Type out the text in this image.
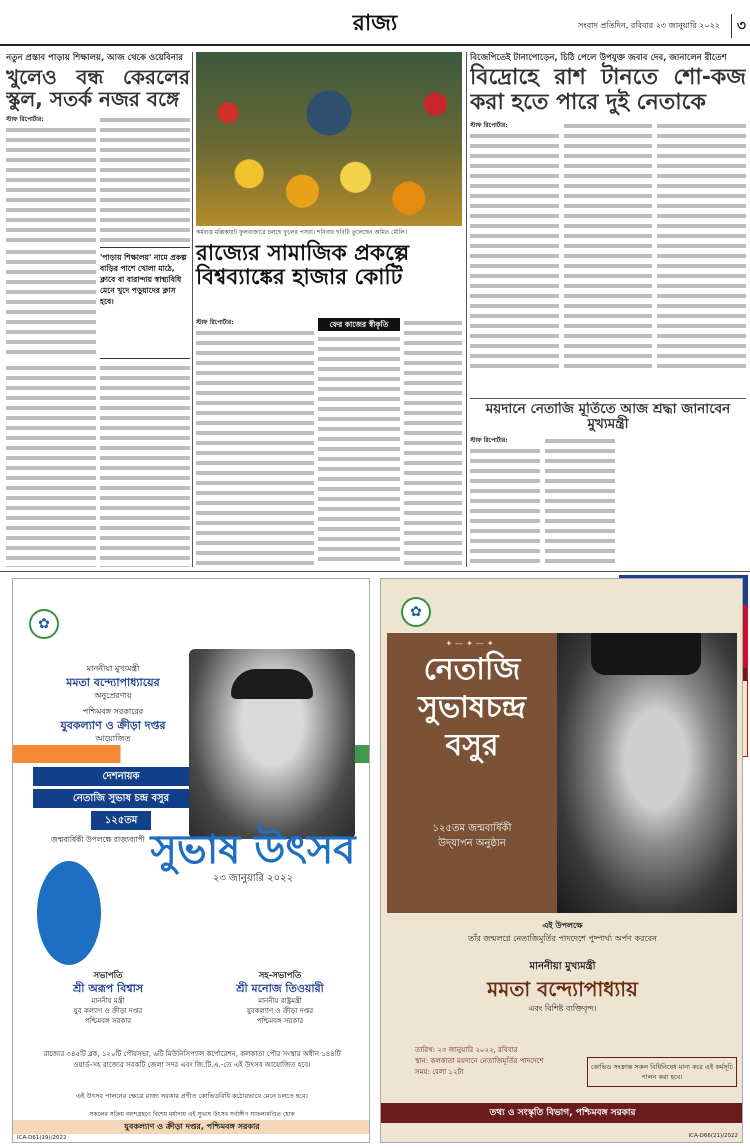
রাজ্য	সংবাদ প্রতিদিন, রবিবার ২৩ জানুয়ারি ২০২২	৩
নতুন প্রস্তাব পাড়ায় শিক্ষালয়, আজ থেকে ওয়েবিনার
খুলেও বন্ধ কেরলের স্কুল, সতর্ক নজর বঙ্গে
স্টাফ রিপোর্টার:
'পাড়ায় শিক্ষালয়' নামে প্রকল্প বাড়ির পাশে খোলা মাঠে, ক্লাবে বা বারান্দায় স্বাস্থ্যবিধি মেনে খুদে পড়ুয়াদের ক্লাস হবে।
কর্মব্যস্ত মল্লিকঘাট ফুলবাজারে চলছে ফুলের পসরা। শনিবার ছবিটি তুলেছেন অমিত মৌলি।
রাজ্যের সামাজিক প্রকল্পে বিশ্বব্যাঙ্কের হাজার কোটি
ফের কাজের স্বীকৃতি
স্টাফ রিপোর্টার:
বিজেপিতেই টানাপোড়েন, চিঠি পেলে উপযুক্ত জবাব দেব, জানালেন রীতেশ
বিদ্রোহে রাশ টানতে শো-কজ করা হতে পারে দুই নেতাকে
স্টাফ রিপোর্টার:
ময়দানে নেতাজি মূর্তিতে আজ শ্রদ্ধা জানাবেন মুখ্যমন্ত্রী
স্টাফ রিপোর্টার:
✿
মাননীয়া মুখ্যমন্ত্রী
মমতা বন্দ্যোপাধ্যায়ের
অনুপ্রেরণায়
পশ্চিমবঙ্গ সরকারের
যুবকল্যাণ ও ক্রীড়া দপ্তর
আয়োজিত
দেশনায়ক
নেতাজি সুভাষ চন্দ্র বসুর
১২৫তম
জন্মবার্ষিকী উপলক্ষে রাজ্যব্যাপী সুভাষ উৎসব
২৩ জানুয়ারি ২০২২
সভাপতি
শ্রী অরূপ বিশ্বাস
মাননীয় মন্ত্রী
যুব কল্যাণ ও ক্রীড়া দপ্তর
পশ্চিমবঙ্গ সরকার
সহ-সভাপতি
শ্রী মনোজ তিওয়ারী
মাননীয় রাষ্ট্রমন্ত্রী
যুবকল্যাণ ও ক্রীড়া দপ্তর
পশ্চিমবঙ্গ সরকার
রাজ্যের ৩৪৫টি ব্লক, ১২০টি পৌরসভা, ৬টি মিউনিসিপ্যাল কর্পোরেশন, কলকাতা পৌর সংস্থার অধীন ১৪৪টি ওয়ার্ড-সহ রাজ্যের সবকটি জেলা সদর এবং জি.টি.এ.-তে এই উৎসব আয়োজিত হবে।
এই উৎসব পালনের ক্ষেত্রে রাজ্য সরকার প্রণীত কোভিডবিধি কঠোরভাবে মেনে চলতে হবে।
সকলের সক্রিয় অংশগ্রহণে বিশেষ মর্যাদায় এই সুভাষ উৎসব সর্বাঙ্গীণ সাফল্যমণ্ডিত হোক
যুবকল্যাণ ও ক্রীড়া দপ্তর, পশ্চিমবঙ্গ সরকার
ICA-D61(19)/2022
✿
✦—✦—✦
নেতাজি
সুভাষচন্দ্র
বসুর
১২৫তম জন্মবার্ষিকী
উদ্‌যাপন অনুষ্ঠান
এই উপলক্ষে
তাঁর জন্মলগ্নে নেতাজিমূর্তির পাদদেশে পুষ্পার্ঘ্য অর্পণ করবেন
মাননীয়া মুখ্যমন্ত্রী
মমতা বন্দ্যোপাধ্যায়
এবং বিশিষ্ট ব্যক্তিবৃন্দ।
তারিখ: ২৩ জানুয়ারি ২০২২, রবিবার
স্থান: কলকাতা ময়দানে নেতাজিমূর্তির পাদদেশে
সময়: বেলা ১২টা
কোভিড সংক্রান্ত সকল বিধিনিষেধ মান্য করে এই কর্মসূচি পালন করা হবে।
তথ্য ও সংস্কৃতি বিভাগ, পশ্চিমবঙ্গ সরকার
ICA-D66(21)/2022
